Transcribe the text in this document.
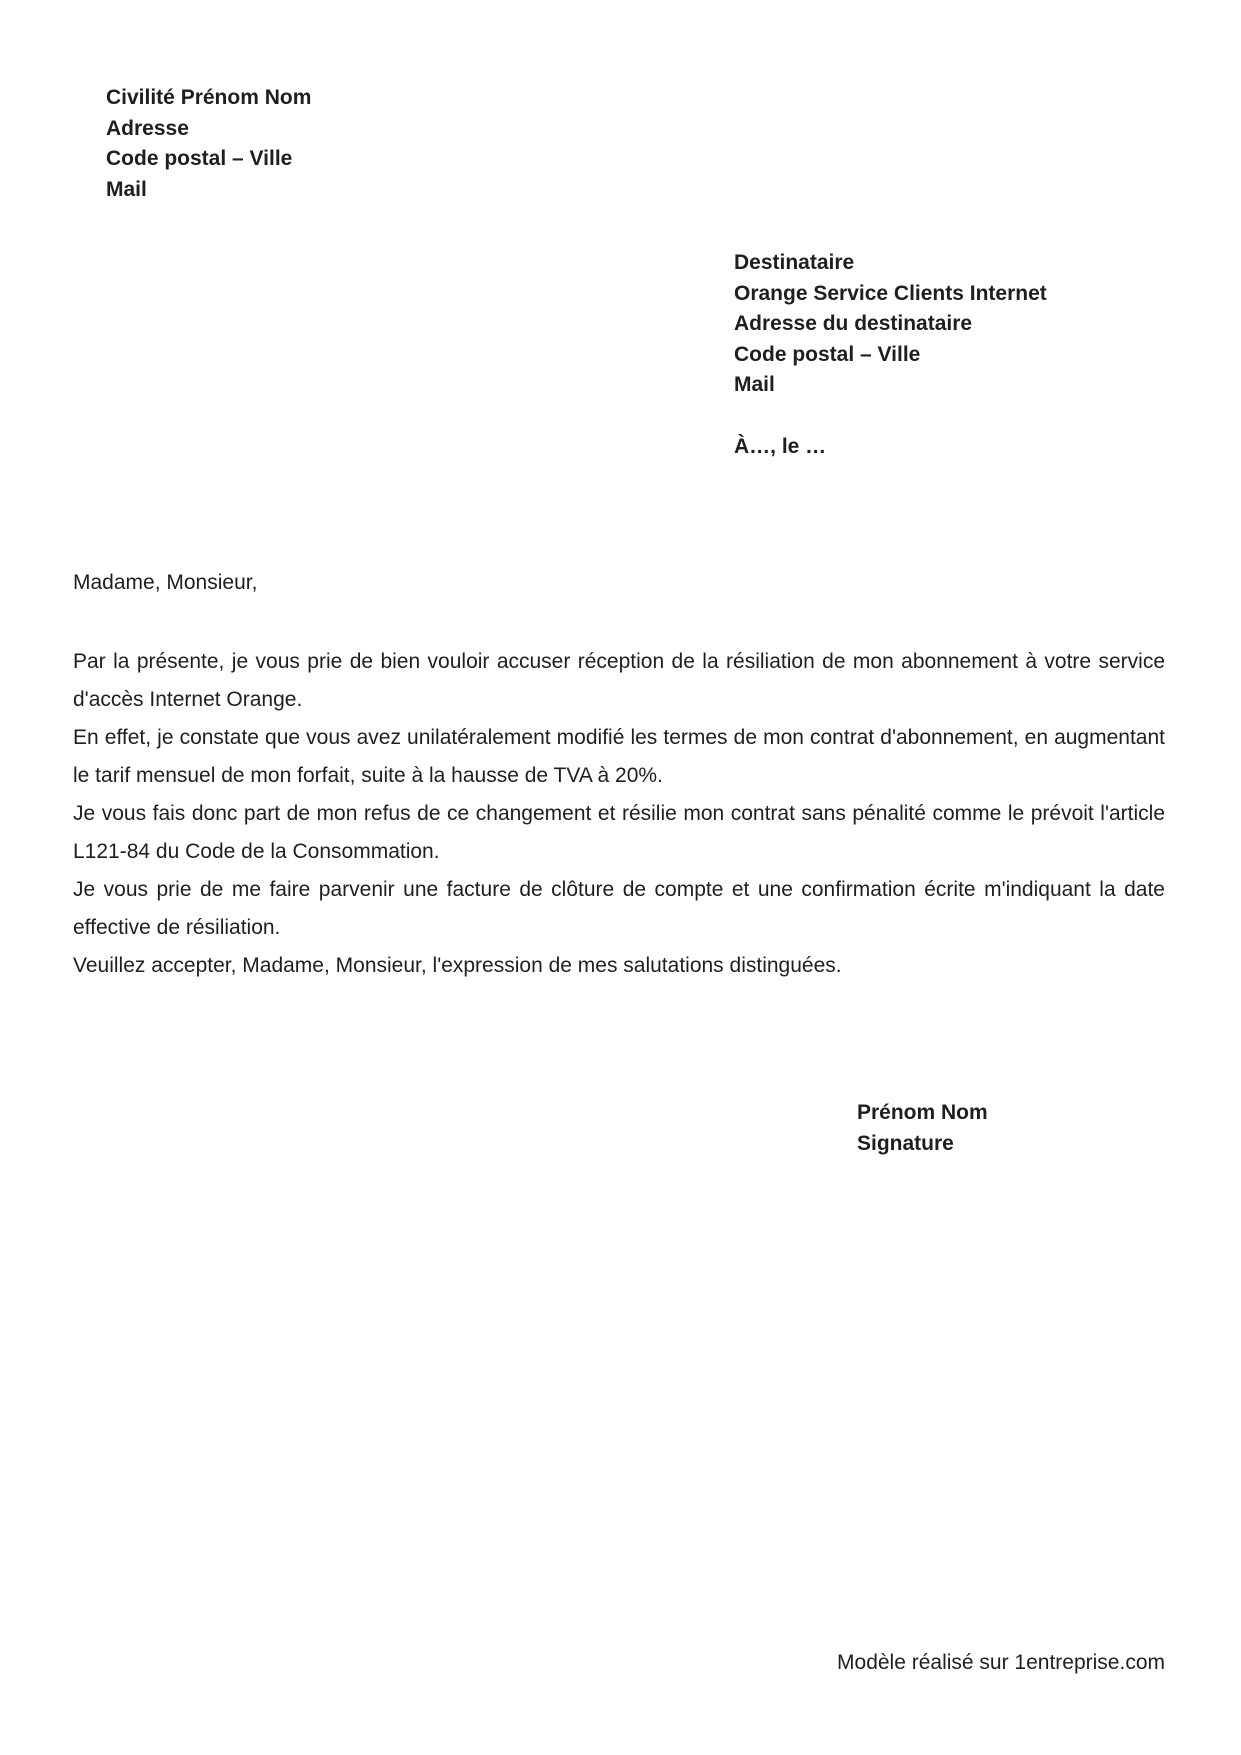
Civilité Prénom Nom
Adresse
Code postal – Ville
Mail
Destinataire
Orange Service Clients Internet
Adresse du destinataire
Code postal – Ville
Mail
À…, le …
Madame, Monsieur,

Par la présente, je vous prie de bien vouloir accuser réception de la résiliation de mon abonnement à votre service d'accès Internet Orange.

En effet, je constate que vous avez unilatéralement modifié les termes de mon contrat d'abonnement, en augmentant le tarif mensuel de mon forfait, suite à la hausse de TVA à 20%.

Je vous fais donc part de mon refus de ce changement et résilie mon contrat sans pénalité comme le prévoit l'article L121-84 du Code de la Consommation.

Je vous prie de me faire parvenir une facture de clôture de compte et une confirmation écrite m'indiquant la date effective de résiliation.

Veuillez accepter, Madame, Monsieur, l'expression de mes salutations distinguées.

Prénom Nom
Signature
Modèle réalisé sur 1entreprise.com
